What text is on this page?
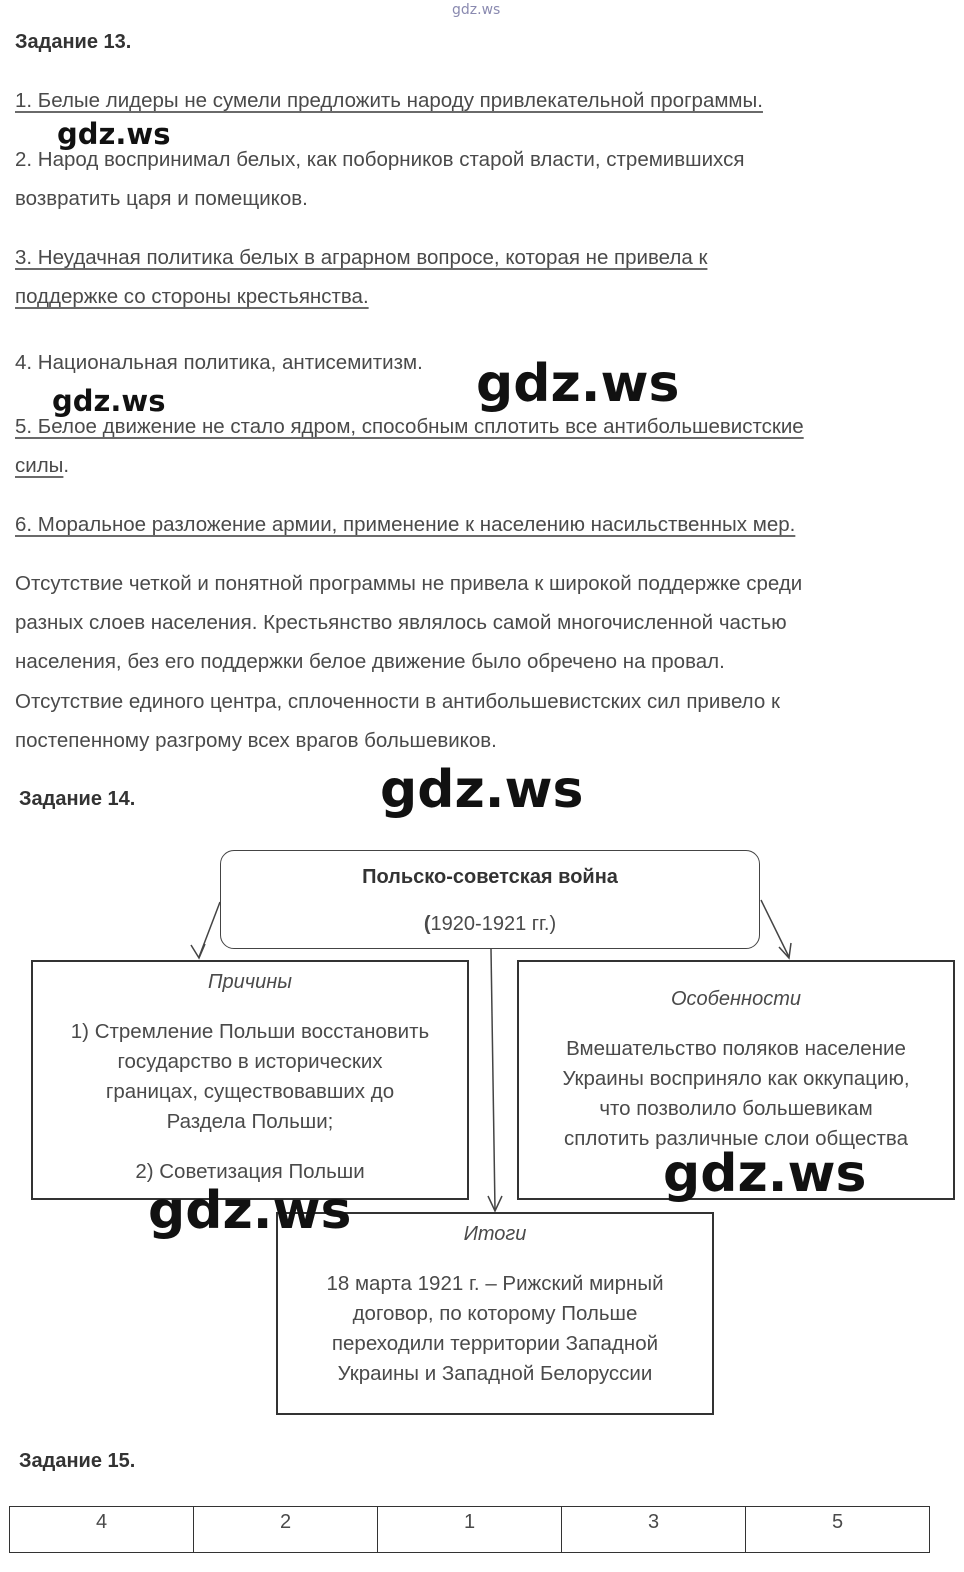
gdz.ws
Задание 13.
1. Белые лидеры не сумели предложить народу привлекательной программы.
2. Народ воспринимал белых, как поборников старой власти, стремившихся
возвратить царя и помещиков.
3. Неудачная политика белых в аграрном вопросе, которая не привела к
поддержке со стороны крестьянства.
4. Национальная политика, антисемитизм.
5. Белое движение не стало ядром, способным сплотить все антибольшевистские
силы.
6. Моральное разложение армии, применение к населению насильственных мер.
Отсутствие четкой и понятной программы не привела к широкой поддержке среди
разных слоев населения. Крестьянство являлось самой многочисленной частью
населения, без его поддержки белое движение было обречено на провал.
Отсутствие единого центра, сплоченности в антибольшевистских сил привело к
постепенному разгрому всех врагов большевиков.
Задание 14.
Польско-советская война
(1920-1921 гг.)
Причины
1) Стремление Польши восстановить
государство в исторических
границах, существовавших до
Раздела Польши;
2) Советизация Польши
Особенности
Вмешательство поляков население
Украины восприняло как оккупацию,
что позволило большевикам
сплотить различные слои общества
Итоги
18 марта 1921 г. – Рижский мирный
договор, по которому Польше
переходили территории Западной
Украины и Западной Белоруссии
Задание 15.
4	2	1	3	5
gdz.ws
gdz.ws	gdz.ws
gdz.ws
gdz.ws
gdz.ws
